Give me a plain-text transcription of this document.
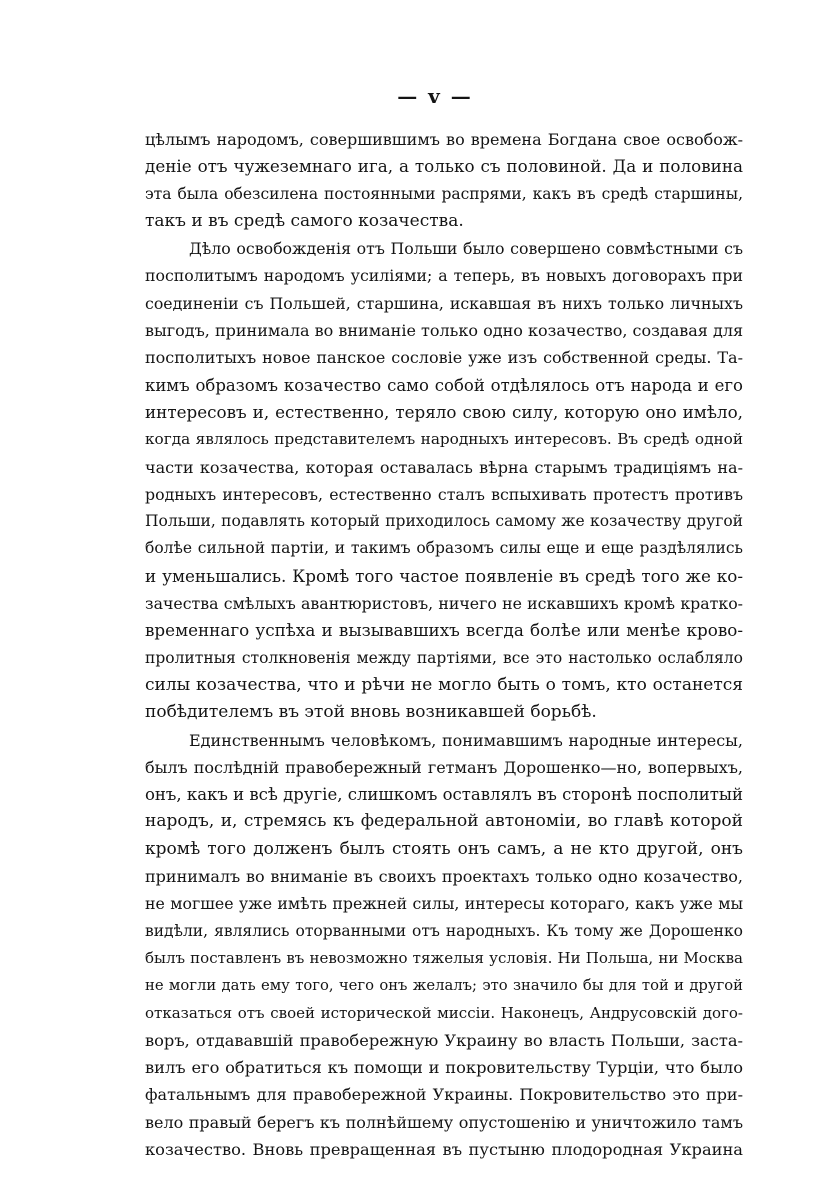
— v —
цѣлымъ народомъ, совершившимъ во времена Богдана свое освобож-
деніе отъ чужеземнаго ига, а только съ половиной. Да и половина
эта была обезсилена постоянными распрями, какъ въ средѣ старшины,
такъ и въ средѣ самого козачества.
Дѣло освобожденія отъ Польши было совершено совмѣстными съ
посполитымъ народомъ усиліями; а теперь, въ новыхъ договорахъ при
соединеніи съ Польшей, старшина, искавшая въ нихъ только личныхъ
выгодъ, принимала во вниманіе только одно козачество, создавая для
посполитыхъ новое панское сословіе уже изъ собственной среды. Та-
кимъ образомъ козачество само собой отдѣлялось отъ народа и его
интересовъ и, естественно, теряло свою силу, которую оно имѣло,
когда являлось представителемъ народныхъ интересовъ. Въ средѣ одной
части козачества, которая оставалась вѣрна старымъ традиціямъ на-
родныхъ интересовъ, естественно сталъ вспыхивать протестъ противъ
Польши, подавлять который приходилось самому же козачеству другой
болѣе сильной партіи, и такимъ образомъ силы еще и еще раздѣлялись
и уменьшались. Кромѣ того частое появленіе въ средѣ того же ко-
зачества смѣлыхъ авантюристовъ, ничего не искавшихъ кромѣ кратко-
временнаго успѣха и вызывавшихъ всегда болѣе или менѣе крово-
пролитныя столкновенія между партіями, все это настолько ослабляло
силы козачества, что и рѣчи не могло быть о томъ, кто останется
побѣдителемъ въ этой вновь возникавшей борьбѣ.
Единственнымъ человѣкомъ, понимавшимъ народные интересы,
былъ послѣдній правобережный гетманъ Дорошенко—но, вопервыхъ,
онъ, какъ и всѣ другіе, слишкомъ оставлялъ въ сторонѣ посполитый
народъ, и, стремясь къ федеральной автономіи, во главѣ которой
кромѣ того долженъ былъ стоять онъ самъ, а не кто другой, онъ
принималъ во вниманіе въ своихъ проектахъ только одно козачество,
не могшее уже имѣть прежней силы, интересы котораго, какъ уже мы
видѣли, являлись оторванными отъ народныхъ. Къ тому же Дорошенко
былъ поставленъ въ невозможно тяжелыя условія. Ни Польша, ни Москва
не могли дать ему того, чего онъ желалъ; это значило бы для той и другой
отказаться отъ своей исторической миссіи. Наконецъ, Андрусовскій дого-
воръ, отдававшій правобережную Украину во власть Польши, заста-
вилъ его обратиться къ помощи и покровительству Турціи, что было
фатальнымъ для правобережной Украины. Покровительство это при-
вело правый берегъ къ полнѣйшему опустошенію и уничтожило тамъ
козачество. Вновь превращенная въ пустыню плодородная Украина
